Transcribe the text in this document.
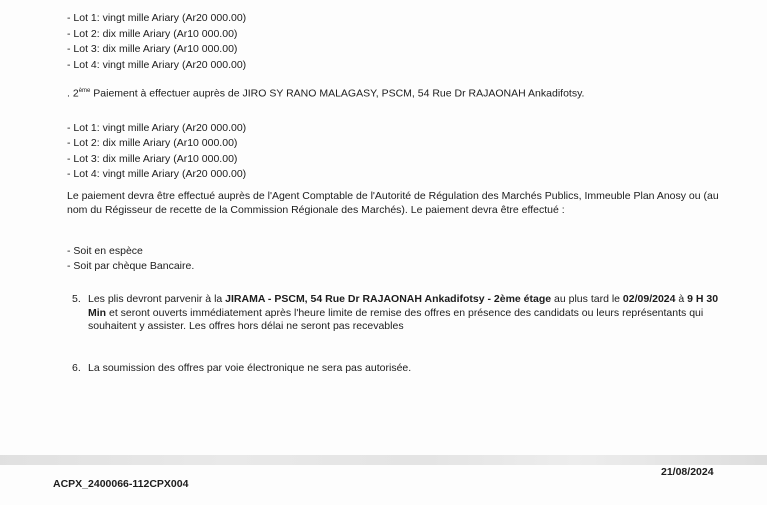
- Lot 1: vingt mille Ariary (Ar20 000.00)
- Lot 2: dix mille Ariary (Ar10 000.00)
- Lot 3: dix mille Ariary (Ar10 000.00)
- Lot 4: vingt mille Ariary (Ar20 000.00)
. 2ème Paiement à effectuer auprès de JIRO SY RANO MALAGASY, PSCM, 54 Rue Dr RAJAONAH Ankadifotsy.
- Lot 1: vingt mille Ariary (Ar20 000.00)
- Lot 2: dix mille Ariary (Ar10 000.00)
- Lot 3: dix mille Ariary (Ar10 000.00)
- Lot 4: vingt mille Ariary (Ar20 000.00)
Le paiement devra être effectué auprès de l'Agent Comptable de l'Autorité de Régulation des Marchés Publics, Immeuble Plan Anosy ou (au nom du Régisseur de recette de la Commission Régionale des Marchés). Le paiement devra être effectué :
- Soit en espèce
- Soit par chèque Bancaire.
5. Les plis devront parvenir à la JIRAMA - PSCM, 54 Rue Dr RAJAONAH Ankadifotsy - 2ème étage au plus tard le 02/09/2024 à 9 H 30 Min et seront ouverts immédiatement après l'heure limite de remise des offres en présence des candidats ou leurs représentants qui souhaitent y assister. Les offres hors délai ne seront pas recevables
6. La soumission des offres par voie électronique ne sera pas autorisée.
21/08/2024
ACPX_2400066-112CPX004
